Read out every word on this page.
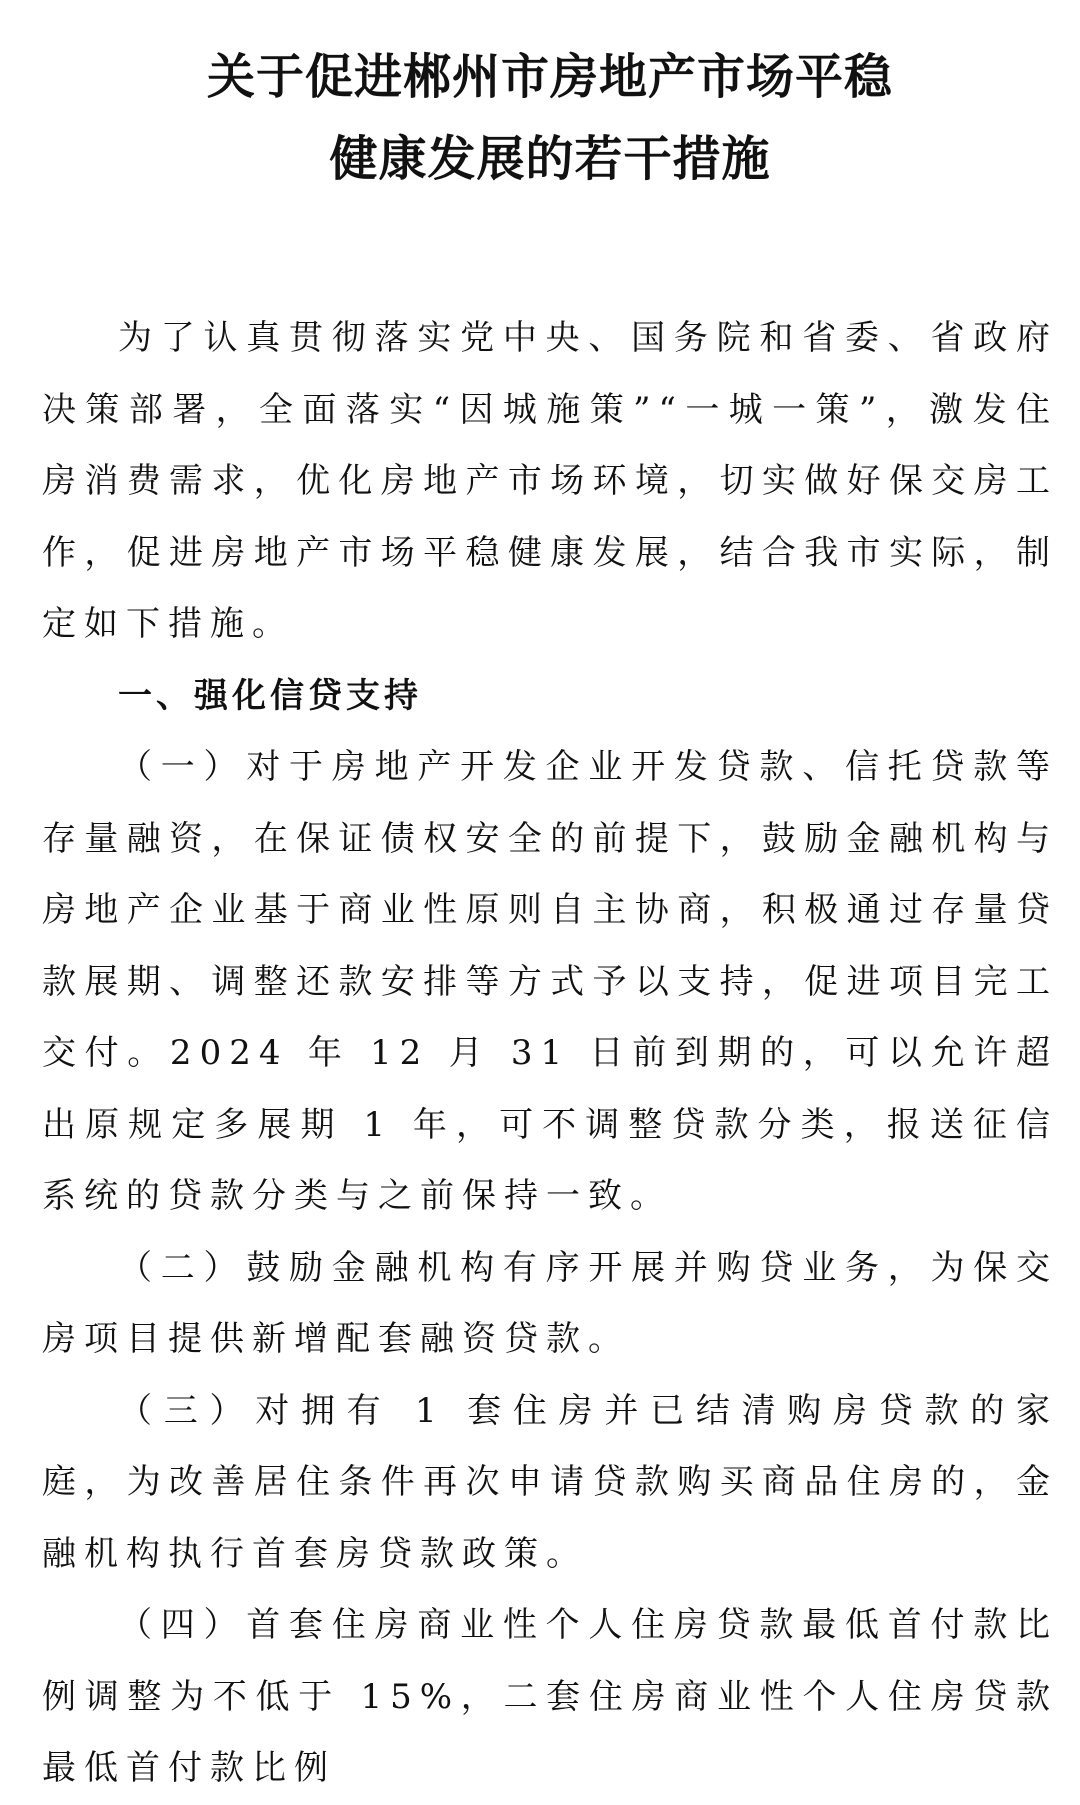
关于促进郴州市房地产市场平稳
健康发展的若干措施

为了认真贯彻落实党中央、国务院和省委、省政府决策部署，全面落实“因城施策”“一城一策”，激发住房消费需求，优化房地产市场环境，切实做好保交房工作，促进房地产市场平稳健康发展，结合我市实际，制定如下措施。

一、强化信贷支持

（一）对于房地产开发企业开发贷款、信托贷款等存量融资，在保证债权安全的前提下，鼓励金融机构与房地产企业基于商业性原则自主协商，积极通过存量贷款展期、调整还款安排等方式予以支持，促进项目完工交付。2024 年 12 月 31 日前到期的，可以允许超出原规定多展期 1 年，可不调整贷款分类，报送征信系统的贷款分类与之前保持一致。

（二）鼓励金融机构有序开展并购贷业务，为保交房项目提供新增配套融资贷款。

（三）对拥有 1 套住房并已结清购房贷款的家庭，为改善居住条件再次申请贷款购买商品住房的，金融机构执行首套房贷款政策。

（四）首套住房商业性个人住房贷款最低首付款比例调整为不低于 15%，二套住房商业性个人住房贷款最低首付款比例
